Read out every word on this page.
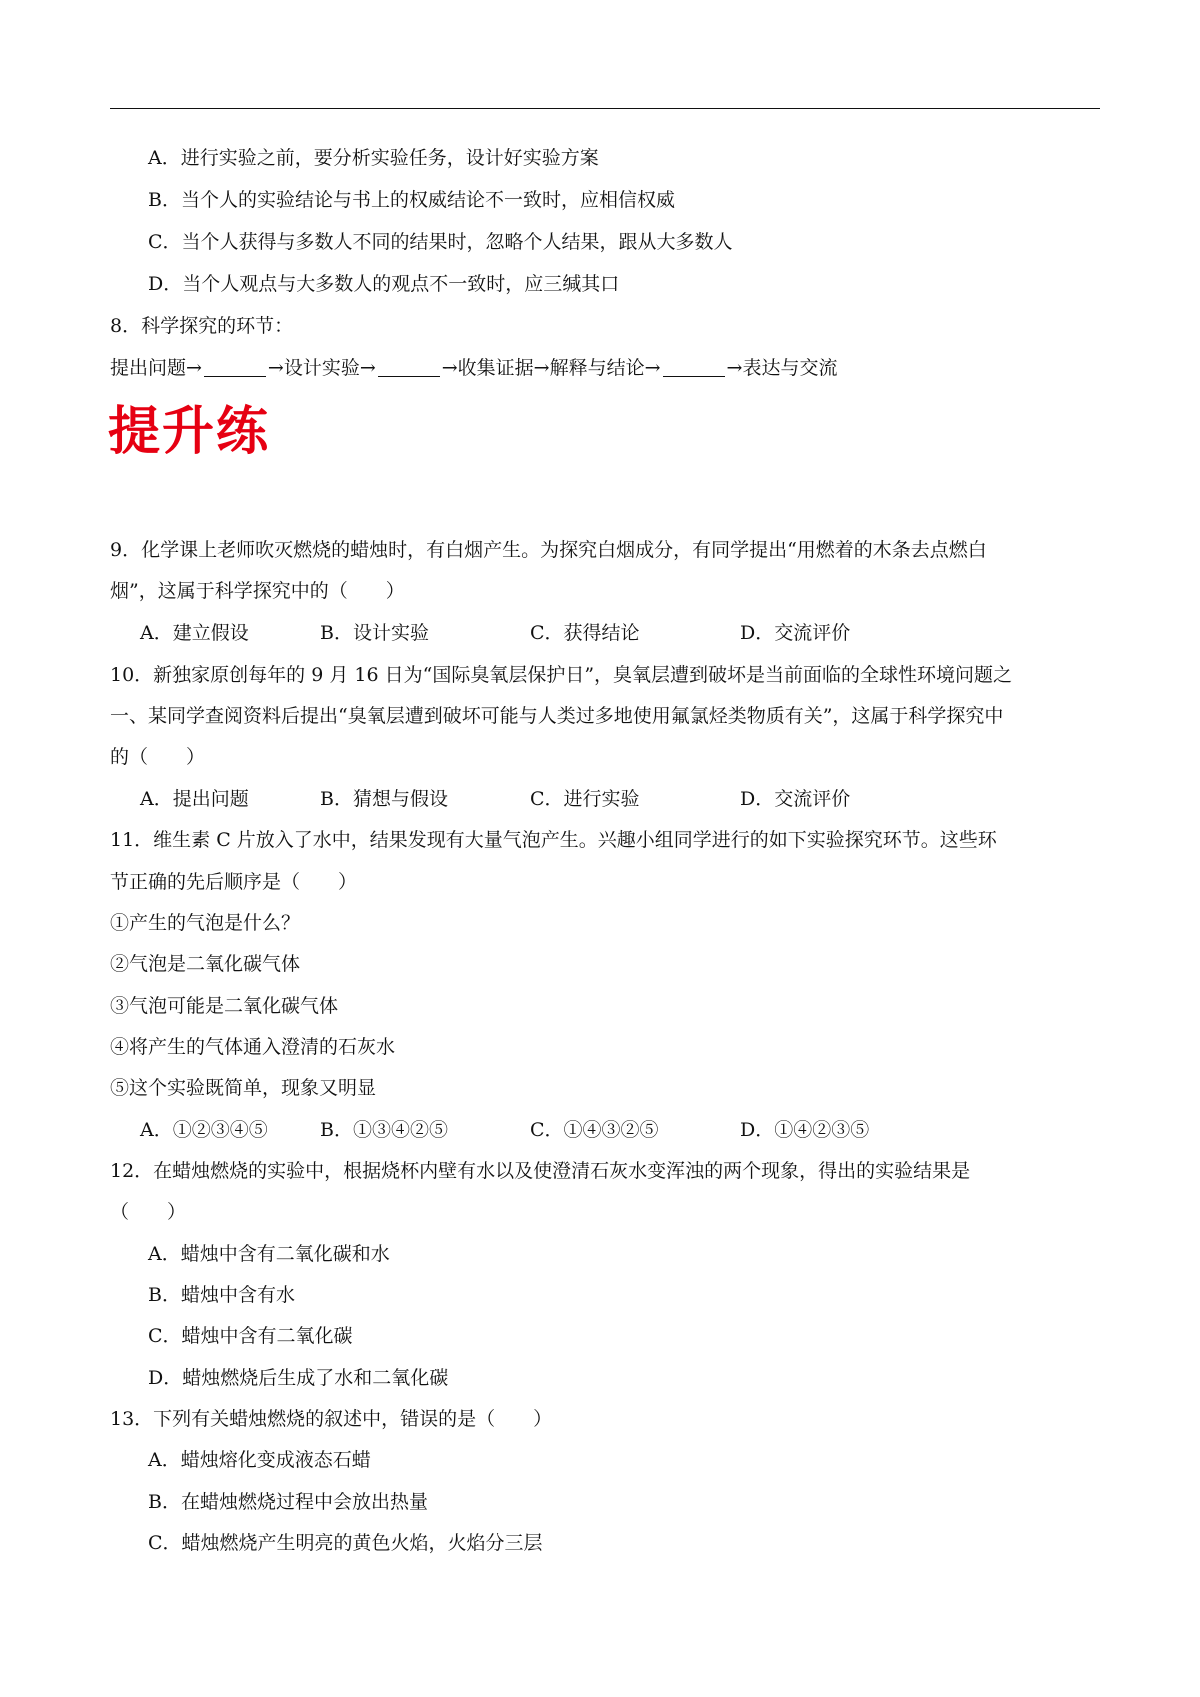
A．进行实验之前，要分析实验任务，设计好实验方案
B．当个人的实验结论与书上的权威结论不一致时，应相信权威
C．当个人获得与多数人不同的结果时，忽略个人结果，跟从大多数人
D．当个人观点与大多数人的观点不一致时，应三缄其口
8．科学探究的环节：
提出问题→	→设计实验→	→收集证据→解释与结论→	→表达与交流
提升练
9．化学课上老师吹灭燃烧的蜡烛时，有白烟产生。为探究白烟成分，有同学提出“用燃着的木条去点燃白
烟”，这属于科学探究中的（　　）
A．建立假设	B．设计实验	C．获得结论	D．交流评价
10．新独家原创每年的 9 月 16 日为“国际臭氧层保护日”，臭氧层遭到破坏是当前面临的全球性环境问题之
一、某同学查阅资料后提出“臭氧层遭到破坏可能与人类过多地使用氟氯烃类物质有关”，这属于科学探究中
的（　　）
A．提出问题	B．猜想与假设	C．进行实验	D．交流评价
11．维生素 C 片放入了水中，结果发现有大量气泡产生。兴趣小组同学进行的如下实验探究环节。这些环
节正确的先后顺序是（　　）
①产生的气泡是什么？
②气泡是二氧化碳气体
③气泡可能是二氧化碳气体
④将产生的气体通入澄清的石灰水
⑤这个实验既简单，现象又明显
A．①②③④⑤	B．①③④②⑤	C．①④③②⑤	D．①④②③⑤
12．在蜡烛燃烧的实验中，根据烧杯内壁有水以及使澄清石灰水变浑浊的两个现象，得出的实验结果是
（　　）
A．蜡烛中含有二氧化碳和水
B．蜡烛中含有水
C．蜡烛中含有二氧化碳
D．蜡烛燃烧后生成了水和二氧化碳
13．下列有关蜡烛燃烧的叙述中，错误的是（　　）
A．蜡烛熔化变成液态石蜡
B．在蜡烛燃烧过程中会放出热量
C．蜡烛燃烧产生明亮的黄色火焰，火焰分三层
